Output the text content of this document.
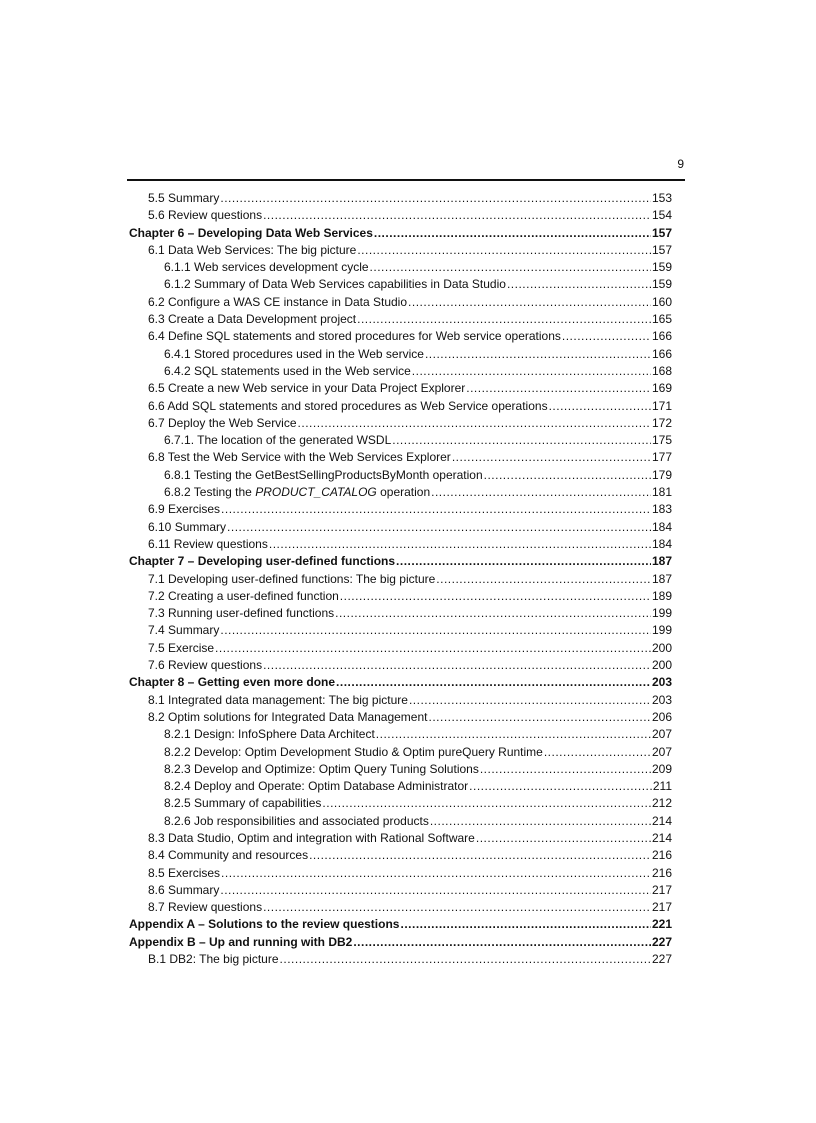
9
5.5 Summary .....	153
5.6 Review questions .....	154
Chapter 6 – Developing Data Web Services .....	157
6.1 Data Web Services: The big picture .....	157
6.1.1 Web services development cycle .....	159
6.1.2 Summary of Data Web Services capabilities in Data Studio .....	159
6.2 Configure a WAS CE instance in Data Studio .....	160
6.3 Create a Data Development project .....	165
6.4 Define SQL statements and stored procedures for Web service operations .....	166
6.4.1 Stored procedures used in the Web service .....	166
6.4.2 SQL statements used in the Web service .....	168
6.5 Create a new Web service in your Data Project Explorer .....	169
6.6 Add SQL statements and stored procedures as Web Service operations .....	171
6.7 Deploy the Web Service .....	172
6.7.1. The location of the generated WSDL .....	175
6.8 Test the Web Service with the Web Services Explorer .....	177
6.8.1 Testing the GetBestSellingProductsByMonth operation .....	179
6.8.2 Testing the PRODUCT_CATALOG operation .....	181
6.9 Exercises .....	183
6.10 Summary .....	184
6.11 Review questions .....	184
Chapter 7 – Developing user-defined functions .....	187
7.1 Developing user-defined functions: The big picture .....	187
7.2 Creating a user-defined function .....	189
7.3 Running user-defined functions .....	199
7.4 Summary .....	199
7.5 Exercise .....	200
7.6 Review questions .....	200
Chapter 8 – Getting even more done .....	203
8.1 Integrated data management: The big picture .....	203
8.2 Optim solutions for Integrated Data Management .....	206
8.2.1 Design: InfoSphere Data Architect .....	207
8.2.2 Develop: Optim Development Studio & Optim pureQuery Runtime .....	207
8.2.3 Develop and Optimize: Optim Query Tuning Solutions .....	209
8.2.4 Deploy and Operate: Optim Database Administrator .....	211
8.2.5 Summary of capabilities .....	212
8.2.6 Job responsibilities and associated products .....	214
8.3 Data Studio, Optim and integration with Rational Software .....	214
8.4 Community and resources .....	216
8.5 Exercises .....	216
8.6 Summary .....	217
8.7 Review questions .....	217
Appendix A – Solutions to the review questions .....	221
Appendix B – Up and running with DB2 .....	227
B.1 DB2: The big picture .....	227
